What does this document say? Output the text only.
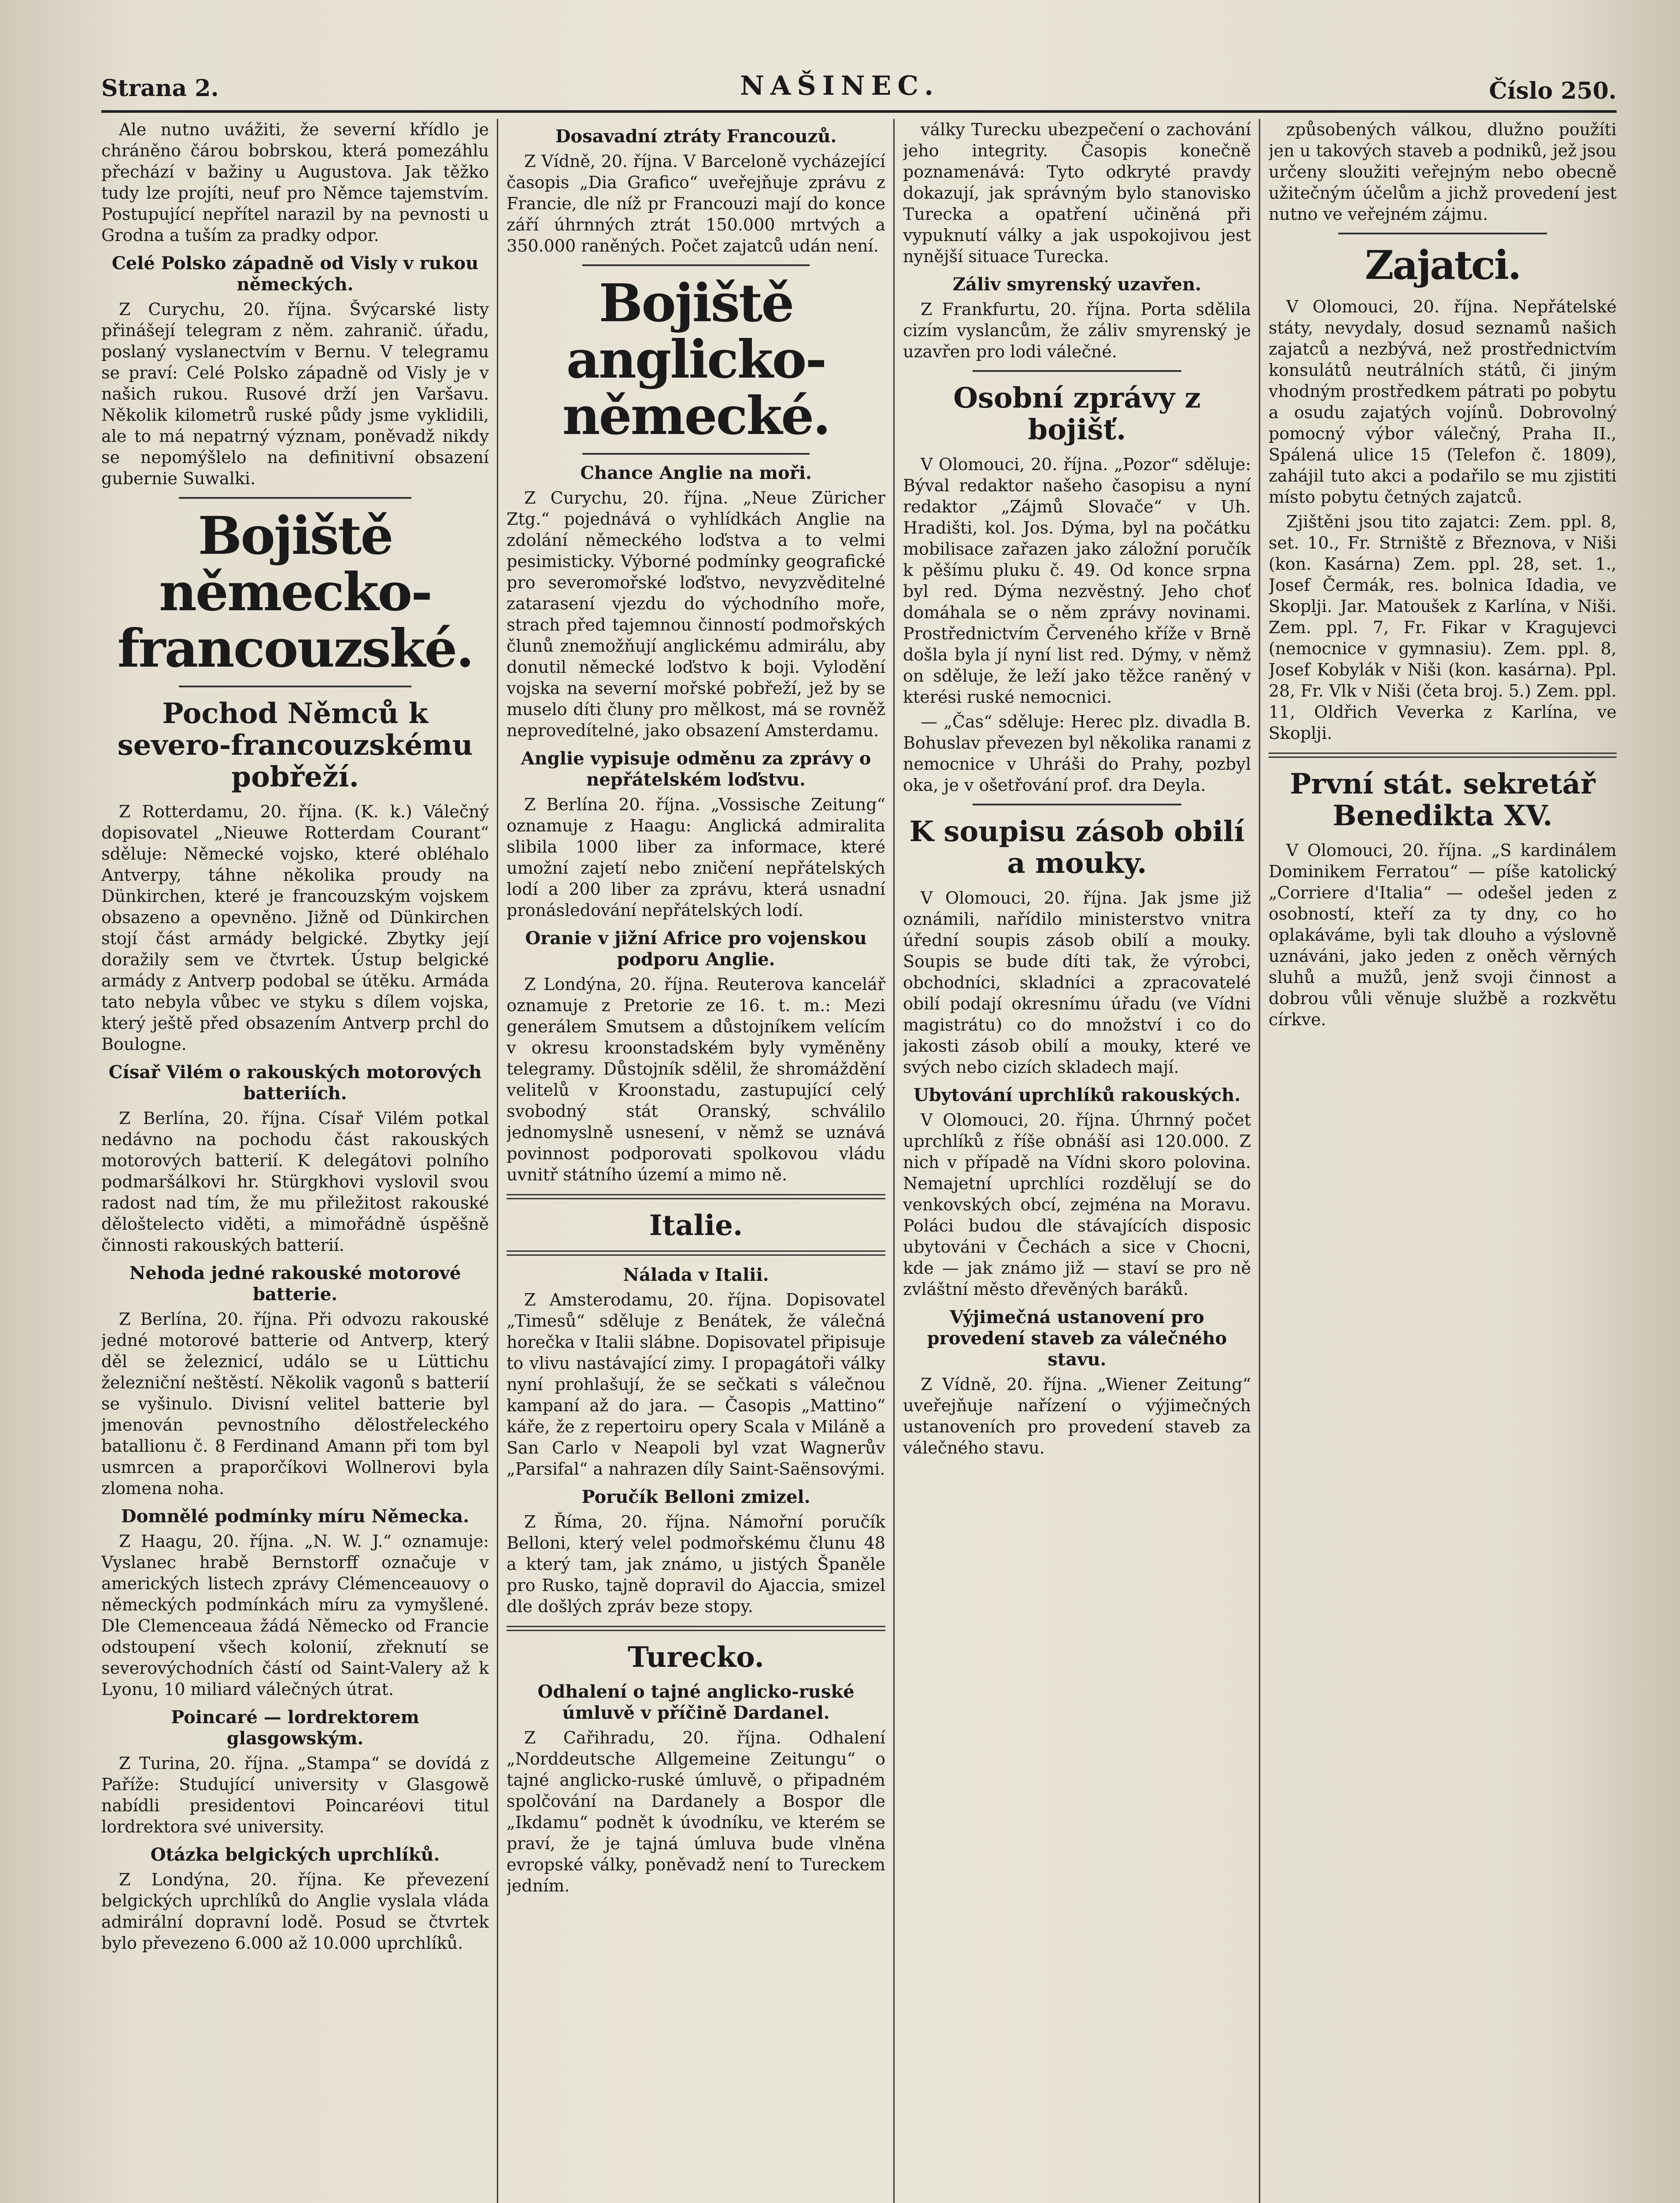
Strana 2.	NAŠINEC.	Číslo 250.

Ale nutno uvážiti, že severní křídlo je chráněno čárou bobrskou, která pomezáhlu přechází v bažiny u Augustova. Jak těžko tudy lze projíti, neuf pro Němce tajemstvím. Postupující nepřítel narazil by na pevnosti u Grodna a tuším za pradky odpor.

Celé Polsko západně od Visly v rukou německých.

Z Curychu, 20. října. Švýcarské listy přinášejí telegram z něm. zahranič. úřadu, poslaný vyslanectvím v Bernu. V telegramu se praví: Celé Polsko západně od Visly je v našich rukou. Rusové drží jen Varšavu. Několik kilometrů ruské půdy jsme vyklidili, ale to má nepatrný význam, poněvadž nikdy se nepomýšlelo na definitivní obsazení gubernie Suwalki.

Bojiště německo-francouzské.
Pochod Němců k severo-francouzskému pobřeží.

Z Rotterdamu, 20. října. (K. k.) Válečný dopisovatel „Nieuwe Rotterdam Courant“ sděluje: Německé vojsko, které obléhalo Antverpy, táhne několika proudy na Dünkirchen, které je francouzským vojskem obsazeno a opevněno. Jižně od Dünkirchen stojí část armády belgické. Zbytky její doražily sem ve čtvrtek. Ústup belgické armády z Antverp podobal se útěku. Armáda tato nebyla vůbec ve styku s dílem vojska, který ještě před obsazením Antverp prchl do Boulogne.

Císař Vilém o rakouských motorových batteriích.

Z Berlína, 20. října. Císař Vilém potkal nedávno na pochodu část rakouských motorových batterií. K delegátovi polního podmaršálkovi hr. Stürgkhovi vyslovil svou radost nad tím, že mu přiležitost rakouské děloštelecto viděti, a mimořádně úspěšně činnosti rakouských batterií.

Nehoda jedné rakouské motorové batterie.

Z Berlína, 20. října. Při odvozu rakouské jedné motorové batterie od Antverp, který děl se železnicí, událo se u Lüttichu železniční neštěstí. Několik vagonů s batterií se vyšinulo. Divisní velitel batterie byl jmenován pevnostního dělostřeleckého batallionu č. 8 Ferdinand Amann při tom byl usmrcen a praporčíkovi Wollnerovi byla zlomena noha.

Domnělé podmínky míru Německa.

Z Haagu, 20. října. „N. W. J.“ oznamuje: Vyslanec hrabě Bernstorff označuje v amerických listech zprávy Clémenceauovy o německých podmínkách míru za vymyšlené. Dle Clemenceaua žádá Německo od Francie odstoupení všech kolonií, zřeknutí se severovýchodních částí od Saint-Valery až k Lyonu, 10 miliard válečných útrat.

Poincaré — lordrektorem glasgowským.

Z Turina, 20. října. „Stampa“ se dovídá z Paříže: Studující university v Glasgowě nabídli presidentovi Poincaréovi titul lordrektora své university.

Otázka belgických uprchlíků.

Z Londýna, 20. října. Ke převezení belgických uprchlíků do Anglie vyslala vláda admirální dopravní lodě. Posud se čtvrtek bylo převezeno 6.000 až 10.000 uprchlíků.

Dosavadní ztráty Francouzů.

Z Vídně, 20. října. V Barceloně vycházející časopis „Dia Grafico“ uveřejňuje zprávu z Francie, dle níž pr Francouzi mají do konce září úhrnných ztrát 150.000 mrtvých a 350.000 raněných. Počet zajatců udán není.

Bojiště anglicko-německé.
Chance Anglie na moři.

Z Curychu, 20. října. „Neue Züricher Ztg.“ pojednává o vyhlídkách Anglie na zdolání německého loďstva a to velmi pesimisticky. Výborné podmínky geografické pro severomořské loďstvo, nevyzvěditelné zatarasení vjezdu do východního moře, strach před tajemnou činností podmořských člunů znemožňují anglickému admirálu, aby donutil německé loďstvo k boji. Vylodění vojska na severní mořské pobřeží, jež by se muselo díti čluny pro mělkost, má se rovněž neprovedítelné, jako obsazení Amsterdamu.

Anglie vypisuje odměnu za zprávy o nepřátelském loďstvu.

Z Berlína 20. října. „Vossische Zeitung“ oznamuje z Haagu: Anglická admiralita slibila 1000 liber za informace, které umožní zajetí nebo zničení nepřátelských lodí a 200 liber za zprávu, která usnadní pronásledování nepřátelských lodí.

Oranie v jižní Africe pro vojenskou podporu Anglie.

Z Londýna, 20. října. Reuterova kancelář oznamuje z Pretorie ze 16. t. m.: Mezi generálem Smutsem a důstojníkem velícím v okresu kroonstadském byly vyměněny telegramy. Důstojník sdělil, že shromáždění velitelů v Kroonstadu, zastupující celý svobodný stát Oranský, schválilo jednomyslně usnesení, v němž se uznává povinnost podporovati spolkovou vládu uvnitř státního území a mimo ně.

Italie.
Nálada v Italii.

Z Amsterodamu, 20. října. Dopisovatel „Timesů“ sděluje z Benátek, že válečná horečka v Italii slábne. Dopisovatel připisuje to vlivu nastávající zimy. I propagátoři války nyní prohlašují, že se sečkati s válečnou kampaní až do jara. — Časopis „Mattino“ káře, že z repertoiru opery Scala v Miláně a San Carlo v Neapoli byl vzat Wagnerův „Parsifal“ a nahrazen díly Saint-Saënsovými.

Poručík Belloni zmizel.

Z Říma, 20. října. Námořní poručík Belloni, který velel podmořskému člunu 48 a který tam, jak známo, u jistých Španěle pro Rusko, tajně dopravil do Ajaccia, smizel dle došlých zpráv beze stopy.

Turecko.
Odhalení o tajné anglicko-ruské úmluvě v příčině Dardanel.

Z Cařihradu, 20. října. Odhalení „Norddeutsche Allgemeine Zeitungu“ o tajné anglicko-ruské úmluvě, o připadném spolčování na Dardanely a Bospor dle „Ikdamu“ podnět k úvodníku, ve kterém se praví, že je tajná úmluva bude vlněna evropské války, poněvadž není to Tureckem jedním.

války Turecku ubezpečení o zachování jeho integrity. Časopis konečně poznamenává: Tyto odkryté pravdy dokazují, jak správným bylo stanovisko Turecka a opatření učiněná při vypuknutí války a jak uspokojivou jest nynější situace Turecka.

Záliv smyrenský uzavřen.

Z Frankfurtu, 20. října. Porta sdělila cizím vyslancům, že záliv smyrenský je uzavřen pro lodi válečné.

Osobní zprávy z bojišť.

V Olomouci, 20. října. „Pozor“ sděluje: Býval redaktor našeho časopisu a nyní redaktor „Zájmů Slovače“ v Uh. Hradišti, kol. Jos. Dýma, byl na počátku mobilisace zařazen jako záložní poručík k pěšímu pluku č. 49. Od konce srpna byl red. Dýma nezvěstný. Jeho choť domáhala se o něm zprávy novinami. Prostřednictvím Červeného kříže v Brně došla byla jí nyní list red. Dýmy, v němž on sděluje, že leží jako těžce raněný v kterési ruské nemocnici.

— „Čas“ sděluje: Herec plz. divadla B. Bohuslav převezen byl několika ranami z nemocnice v Uhráši do Prahy, pozbyl oka, je v ošetřování prof. dra Deyla.

K soupisu zásob obilí a mouky.

V Olomouci, 20. října. Jak jsme již oznámili, nařídilo ministerstvo vnitra úřední soupis zásob obilí a mouky. Soupis se bude díti tak, že výrobci, obchodníci, skladníci a zpracovatelé obilí podají okresnímu úřadu (ve Vídni magistrátu) co do množství i co do jakosti zásob obilí a mouky, které ve svých nebo cizích skladech mají.

Ubytování uprchlíků rakouských.

V Olomouci, 20. října. Úhrnný počet uprchlíků z říše obnáší asi 120.000. Z nich v případě na Vídni skoro polovina. Nemajetní uprchlíci rozdělují se do venkovských obcí, zejména na Moravu. Poláci budou dle stávajících disposic ubytováni v Čechách a sice v Chocni, kde — jak známo již — staví se pro ně zvláštní město dřevěných baráků.

Výjimečná ustanovení pro provedení staveb za válečného stavu.

Z Vídně, 20. října. „Wiener Zeitung“ uveřejňuje nařízení o výjimečných ustanoveních pro provedení staveb za válečného stavu.

způsobených válkou, dlužno použíti jen u takových staveb a podniků, jež jsou určeny sloužiti veřejným nebo obecně užitečným účelům a jichž provedení jest nutno ve veřejném zájmu.

Zajatci.

V Olomouci, 20. října. Nepřátelské státy, nevydaly, dosud seznamů našich zajatců a nezbývá, než prostřednictvím konsulátů neutrálních států, či jiným vhodným prostředkem pátrati po pobytu a osudu zajatých vojínů. Dobrovolný pomocný výbor válečný, Praha II., Spálená ulice 15 (Telefon č. 1809), zahájil tuto akci a podařilo se mu zjistiti místo pobytu četných zajatců.

Zjištěni jsou tito zajatci: Zem. ppl. 8, set. 10., Fr. Strniště z Březnova, v Niši (kon. Kasárna) Zem. ppl. 28, set. 1., Josef Čermák, res. bolnica Idadia, ve Skoplji. Jar. Matoušek z Karlína, v Niši. Zem. ppl. 7, Fr. Fikar v Kragujevci (nemocnice v gymnasiu). Zem. ppl. 8, Josef Kobylák v Niši (kon. kasárna). Ppl. 28, Fr. Vlk v Niši (četa broj. 5.) Zem. ppl. 11, Oldřich Veverka z Karlína, ve Skoplji.

První stát. sekretář Benedikta XV.

V Olomouci, 20. října. „S kardinálem Dominikem Ferratou“ — píše katolický „Corriere d'Italia“ — odešel jeden z osobností, kteří za ty dny, co ho oplakáváme, byli tak dlouho a výslovně uznáváni, jako jeden z oněch věrných sluhů a mužů, jenž svoji činnost a dobrou vůli věnuje službě a rozkvětu církve.
